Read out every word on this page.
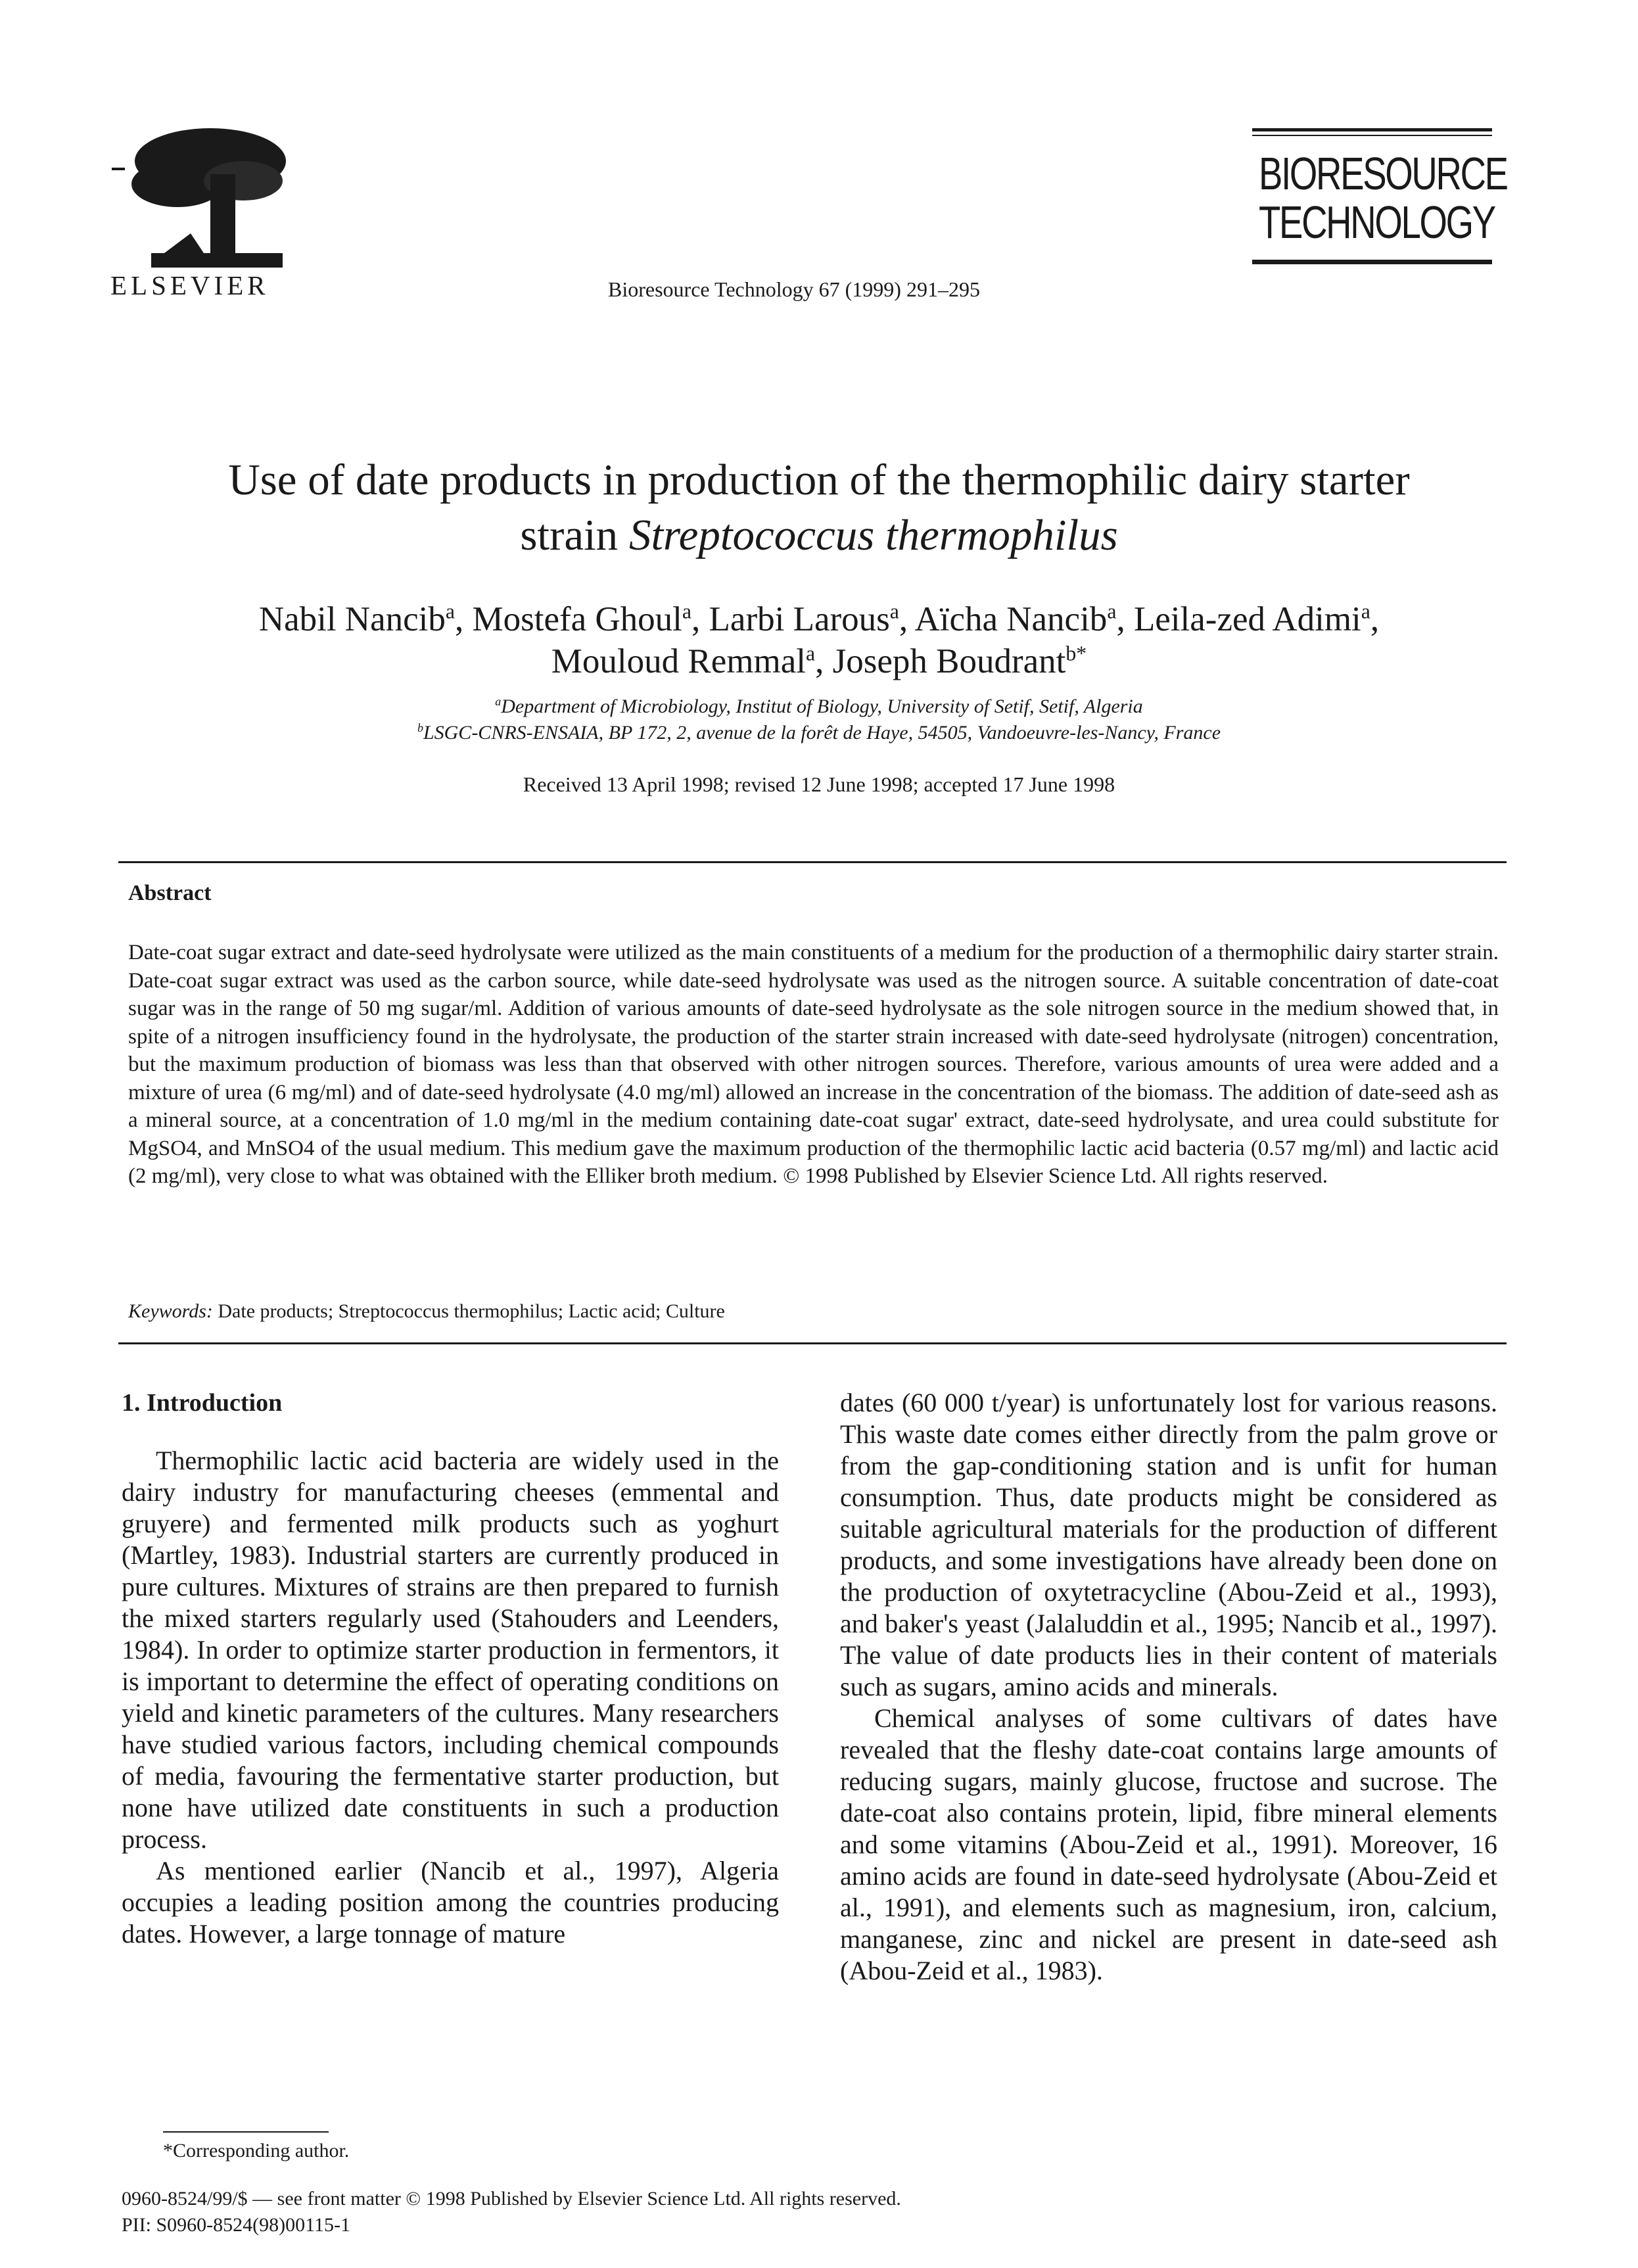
ELSEVIER	Bioresource Technology 67 (1999) 291–295
BIORESOURCE
TECHNOLOGY
Use of date products in production of the thermophilic dairy starter
strain Streptococcus thermophilus
Nabil Nancib$^a$, Mostefa Ghoul$^a$, Larbi Larous$^a$, Aïcha Nancib$^a$, Leila-zed Adimi$^a$,
Mouloud Remmal$^a$, Joseph Boudrant$^{b*}$
$^a$Department of Microbiology, Institut of Biology, University of Setif, Setif, Algeria
$^b$LSGC-CNRS-ENSAIA, BP 172, 2, avenue de la forêt de Haye, 54505, Vandoeuvre-les-Nancy, France
Received 13 April 1998; revised 12 June 1998; accepted 17 June 1998
Abstract
Date-coat sugar extract and date-seed hydrolysate were utilized as the main constituents of a medium for the production of a thermophilic dairy starter strain. Date-coat sugar extract was used as the carbon source, while date-seed hydrolysate was used as the nitrogen source. A suitable concentration of date-coat sugar was in the range of 50 mg sugar/ml. Addition of various amounts of date-seed hydrolysate as the sole nitrogen source in the medium showed that, in spite of a nitrogen insufficiency found in the hydrolysate, the production of the starter strain increased with date-seed hydrolysate (nitrogen) concentration, but the maximum production of biomass was less than that observed with other nitrogen sources. Therefore, various amounts of urea were added and a mixture of urea (6 mg/ml) and of date-seed hydrolysate (4.0 mg/ml) allowed an increase in the concentration of the biomass. The addition of date-seed ash as a mineral source, at a concentration of 1.0 mg/ml in the medium containing date-coat sugar' extract, date-seed hydrolysate, and urea could substitute for MgSO4, and MnSO4 of the usual medium. This medium gave the maximum production of the thermophilic lactic acid bacteria (0.57 mg/ml) and lactic acid (2 mg/ml), very close to what was obtained with the Elliker broth medium. © 1998 Published by Elsevier Science Ltd. All rights reserved.
Keywords: Date products; Streptococcus thermophilus; Lactic acid; Culture

1. Introduction

Thermophilic lactic acid bacteria are widely used in the dairy industry for manufacturing cheeses (emmental and gruyere) and fermented milk products such as yoghurt (Martley, 1983). Industrial starters are currently produced in pure cultures. Mixtures of strains are then prepared to furnish the mixed starters regularly used (Stahouders and Leenders, 1984). In order to optimize starter production in fermentors, it is important to determine the effect of operating conditions on yield and kinetic parameters of the cultures. Many researchers have studied various factors, including chemical compounds of media, favouring the fermentative starter production, but none have utilized date constituents in such a production process.

As mentioned earlier (Nancib et al., 1997), Algeria occupies a leading position among the countries producing dates. However, a large tonnage of mature

dates (60 000 t/year) is unfortunately lost for various reasons. This waste date comes either directly from the palm grove or from the gap-conditioning station and is unfit for human consumption. Thus, date products might be considered as suitable agricultural materials for the production of different products, and some investigations have already been done on the production of oxytetracycline (Abou-Zeid et al., 1993), and baker's yeast (Jalaluddin et al., 1995; Nancib et al., 1997). The value of date products lies in their content of materials such as sugars, amino acids and minerals.

Chemical analyses of some cultivars of dates have revealed that the fleshy date-coat contains large amounts of reducing sugars, mainly glucose, fructose and sucrose. The date-coat also contains protein, lipid, fibre mineral elements and some vitamins (Abou-Zeid et al., 1991). Moreover, 16 amino acids are found in date-seed hydrolysate (Abou-Zeid et al., 1991), and elements such as magnesium, iron, calcium, manganese, zinc and nickel are present in date-seed ash (Abou-Zeid et al., 1983).

*Corresponding author.
0960-8524/99/$ — see front matter © 1998 Published by Elsevier Science Ltd. All rights reserved.
PII: S0960-8524(98)00115-1
